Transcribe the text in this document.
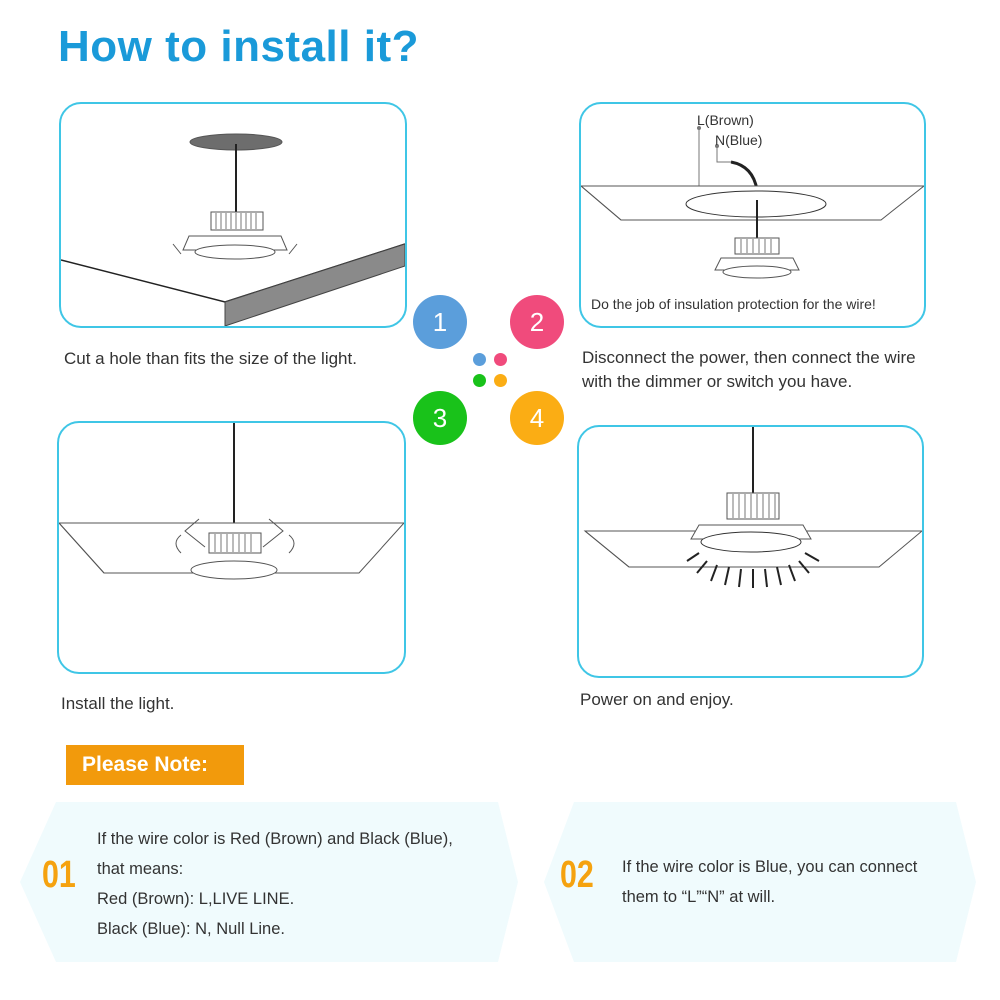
How to install it?
Cut a hole than fits the size of the light.
Do the job of insulation protection for the wire!
L(Brown)
N(Blue)
Disconnect the power, then connect the wire
with the dimmer or switch you have.
1	2
3	4
Install the light.	Power on and enjoy.
Please Note:
01
If the wire color is Red (Brown) and Black (Blue),
that means:
Red (Brown): L,LIVE LINE.
Black (Blue): N, Null Line.
02 If the wire color is Blue, you can connect
them to “L”“N” at will.
